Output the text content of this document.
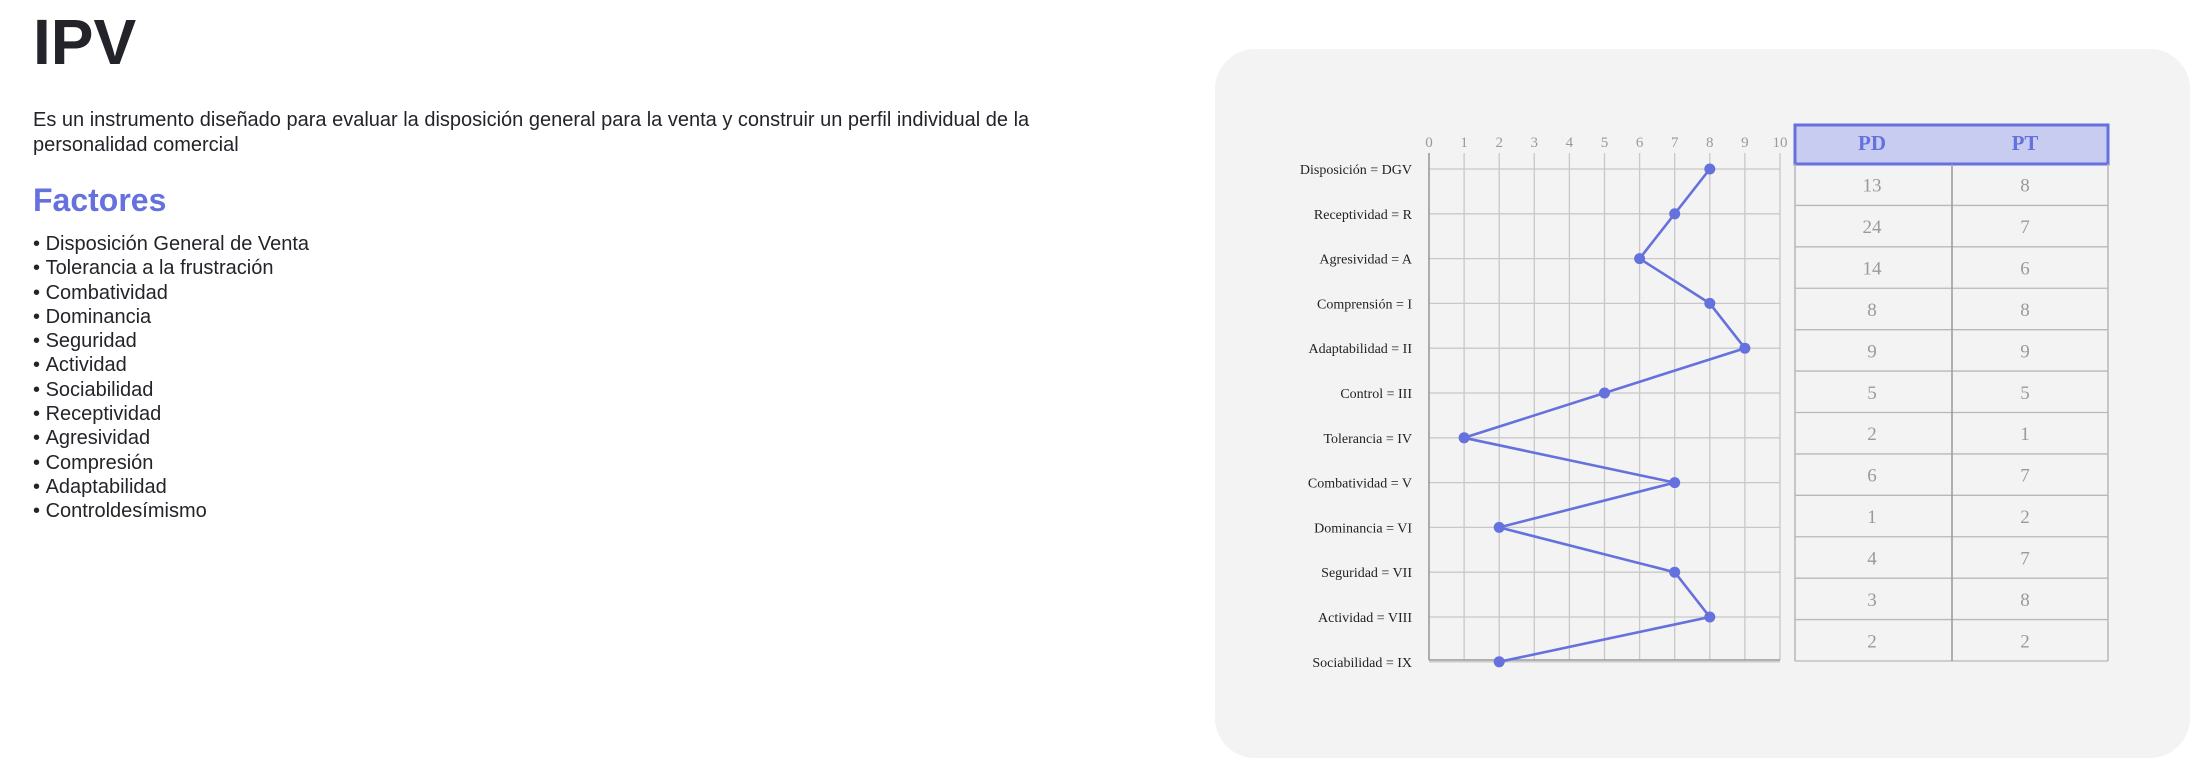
IPV

Es un instrumento diseñado para evaluar la disposición general para la venta y construir un perfil individual de la personalidad comercial

Factores
• Disposición General de Venta
• Tolerancia a la frustración
• Combatividad
• Dominancia
• Seguridad
• Actividad
• Sociabilidad
• Receptividad
• Agresividad
• Compresión
• Adaptabilidad
• Controldesímismo
0 1 2 3 4 5 6 7 8 9 10
Disposición = DGV
Receptividad = R
Agresividad = A
Comprensión = I
Adaptabilidad = II
Control = III
Tolerancia = IV
Combatividad = V
Dominancia = VI
Seguridad = VII
Actividad = VIII
Sociabilidad = IX
PD	PT
13	8
24	7
14	6
8	8
9	9
5	5
2	1
6	7
1	2
4	7
3	8
2	2
